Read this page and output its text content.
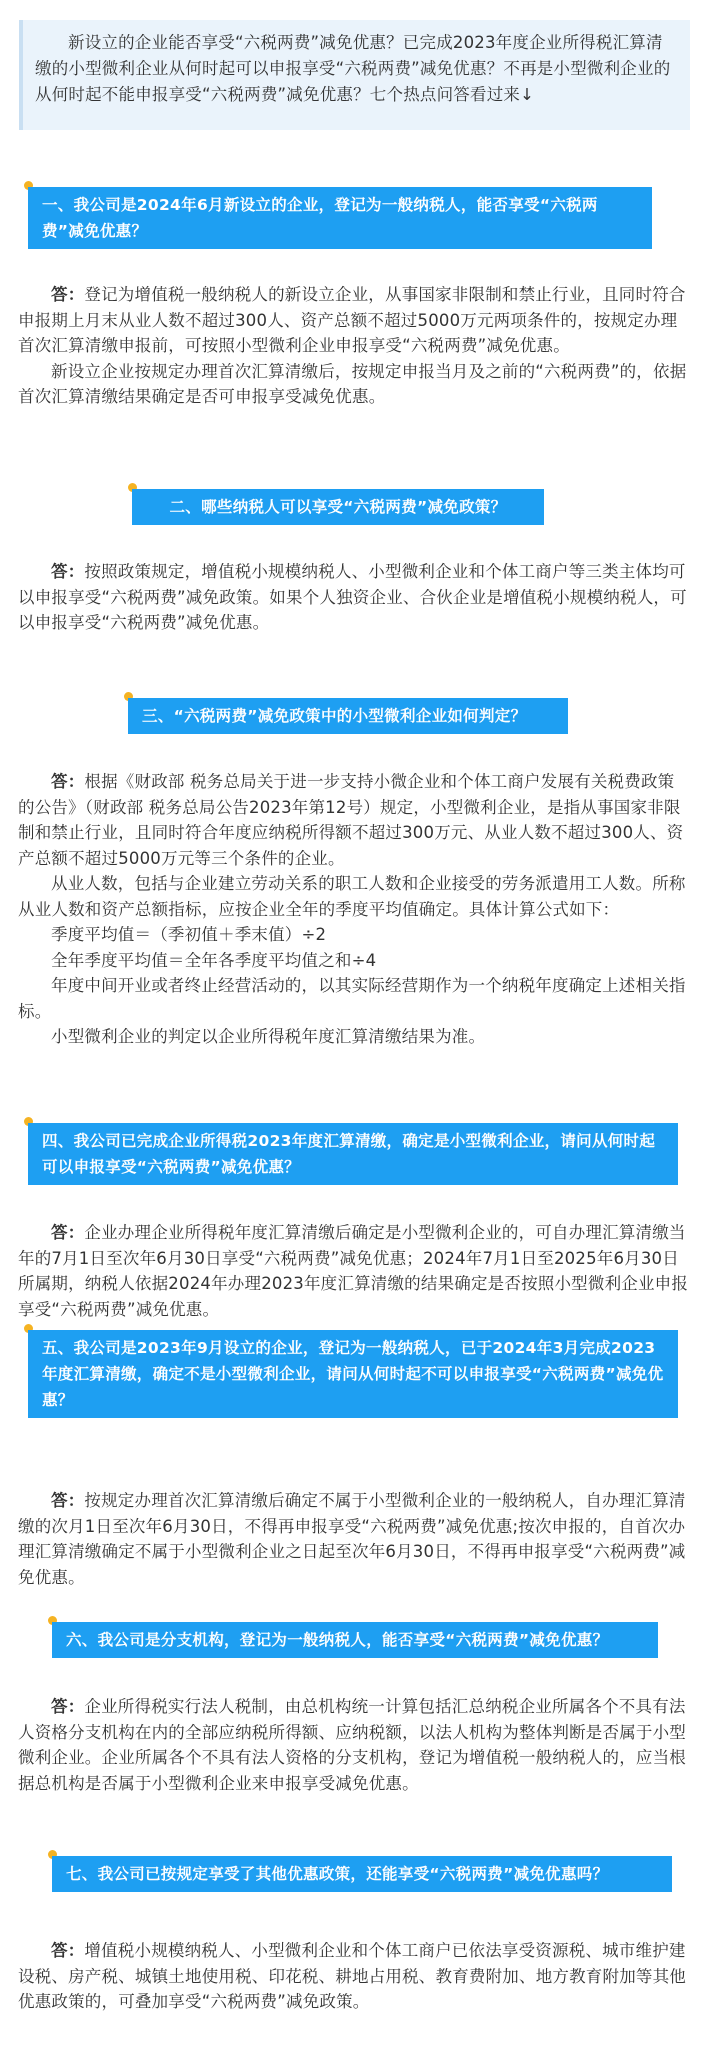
新设立的企业能否享受“六税两费”减免优惠？已完成2023年度企业所得税汇算清缴的小型微利企业从何时起可以申报享受“六税两费”减免优惠？不再是小型微利企业的从何时起不能申报享受“六税两费”减免优惠？七个热点问答看过来↓

一、我公司是2024年6月新设立的企业，登记为一般纳税人，能否享受“六税两费”减免优惠？

答：登记为增值税一般纳税人的新设立企业，从事国家非限制和禁止行业，且同时符合申报期上月末从业人数不超过300人、资产总额不超过5000万元两项条件的，按规定办理首次汇算清缴申报前，可按照小型微利企业申报享受“六税两费”减免优惠。

新设立企业按规定办理首次汇算清缴后，按规定申报当月及之前的“六税两费”的，依据首次汇算清缴结果确定是否可申报享受减免优惠。

二、哪些纳税人可以享受“六税两费”减免政策？

答：按照政策规定，增值税小规模纳税人、小型微利企业和个体工商户等三类主体均可以申报享受“六税两费”减免政策。如果个人独资企业、合伙企业是增值税小规模纳税人，可以申报享受“六税两费”减免优惠。

三、“六税两费”减免政策中的小型微利企业如何判定？

答：根据《财政部 税务总局关于进一步支持小微企业和个体工商户发展有关税费政策的公告》（财政部 税务总局公告2023年第12号）规定，小型微利企业，是指从事国家非限制和禁止行业，且同时符合年度应纳税所得额不超过300万元、从业人数不超过300人、资产总额不超过5000万元等三个条件的企业。

从业人数，包括与企业建立劳动关系的职工人数和企业接受的劳务派遣用工人数。所称从业人数和资产总额指标，应按企业全年的季度平均值确定。具体计算公式如下：

季度平均值＝（季初值＋季末值）÷2

全年季度平均值＝全年各季度平均值之和÷4

年度中间开业或者终止经营活动的，以其实际经营期作为一个纳税年度确定上述相关指标。

小型微利企业的判定以企业所得税年度汇算清缴结果为准。

四、我公司已完成企业所得税2023年度汇算清缴，确定是小型微利企业，请问从何时起可以申报享受“六税两费”减免优惠？

答：企业办理企业所得税年度汇算清缴后确定是小型微利企业的，可自办理汇算清缴当年的7月1日至次年6月30日享受“六税两费”减免优惠；2024年7月1日至2025年6月30日所属期，纳税人依据2024年办理2023年度汇算清缴的结果确定是否按照小型微利企业申报享受“六税两费”减免优惠。

五、我公司是2023年9月设立的企业，登记为一般纳税人，已于2024年3月完成2023年度汇算清缴，确定不是小型微利企业，请问从何时起不可以申报享受“六税两费”减免优惠？

答：按规定办理首次汇算清缴后确定不属于小型微利企业的一般纳税人，自办理汇算清缴的次月1日至次年6月30日，不得再申报享受“六税两费”减免优惠;按次申报的，自首次办理汇算清缴确定不属于小型微利企业之日起至次年6月30日，不得再申报享受“六税两费”减免优惠。

六、我公司是分支机构，登记为一般纳税人，能否享受“六税两费”减免优惠？

答：企业所得税实行法人税制，由总机构统一计算包括汇总纳税企业所属各个不具有法人资格分支机构在内的全部应纳税所得额、应纳税额，以法人机构为整体判断是否属于小型微利企业。企业所属各个不具有法人资格的分支机构，登记为增值税一般纳税人的，应当根据总机构是否属于小型微利企业来申报享受减免优惠。

七、我公司已按规定享受了其他优惠政策，还能享受“六税两费”减免优惠吗？

答：增值税小规模纳税人、小型微利企业和个体工商户已依法享受资源税、城市维护建设税、房产税、城镇土地使用税、印花税、耕地占用税、教育费附加、地方教育附加等其他优惠政策的，可叠加享受“六税两费”减免政策。
